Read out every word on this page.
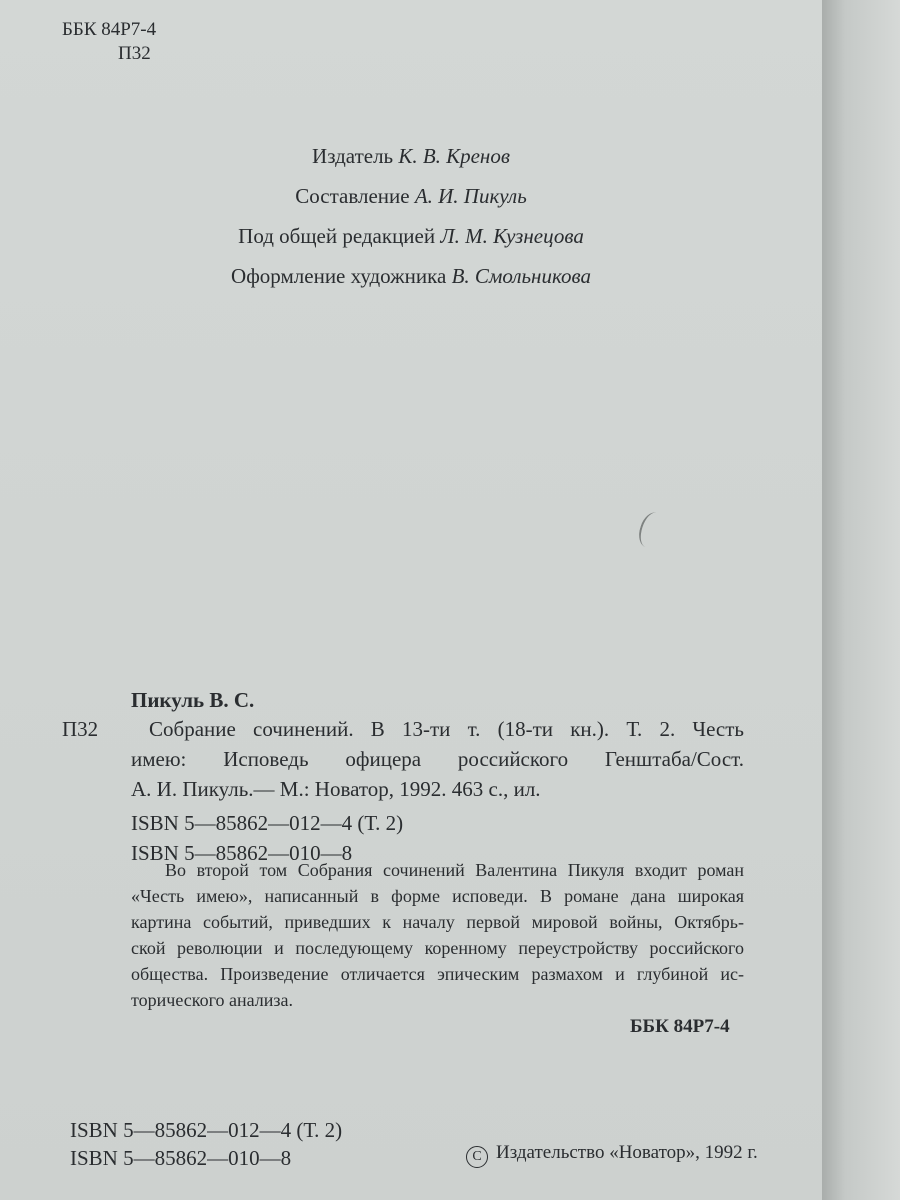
ББК 84Р7-4
П32
Издатель К. В. Кренов
Составление А. И. Пикуль
Под общей редакцией Л. М. Кузнецова
Оформление художника В. Смольникова
Пикуль В. С.
П32	Собрание сочинений. В 13-ти т. (18-ти кн.). Т. 2. Честь
имею: Исповедь офицера российского Генштаба/Сост.
А. И. Пикуль.— М.: Новатор, 1992. 463 с., ил.
ISBN 5—85862—012—4 (Т. 2)
ISBN 5—85862—010—8
Во второй том Собрания сочинений Валентина Пикуля входит роман
«Честь имею», написанный в форме исповеди. В романе дана широкая
картина событий, приведших к началу первой мировой войны, Октябрь-
ской революции и последующему коренному переустройству российского
общества. Произведение отличается эпическим размахом и глубиной ис-
торического анализа.
ББК 84Р7-4
ISBN 5—85862—012—4 (Т. 2)
ISBN 5—85862—010—8	C Издательство «Новатор», 1992 г.
